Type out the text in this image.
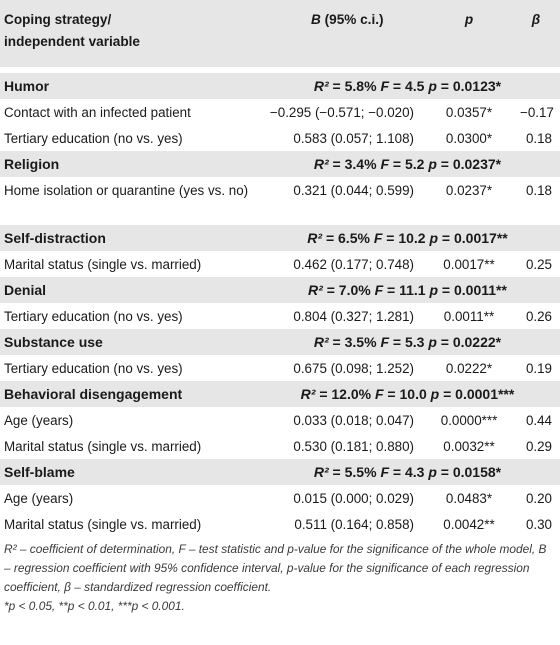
Coping strategy/
independent variable	B (95% c.i.)	p	β

Humor	R² = 5.8% F = 4.5 p = 0.0123*		
Contact with an infected patient	−0.295 (−0.571; −0.020)	0.0357*	−0.17
Tertiary education (no vs. yes)	0.583 (0.057; 1.108)	0.0300*	0.18
Religion	R² = 3.4% F = 5.2 p = 0.0237*		
Home isolation or quarantine (yes vs. no)	0.321 (0.044; 0.599)	0.0237*	0.18
Self-distraction	R² = 6.5% F = 10.2 p = 0.0017**		
Marital status (single vs. married)	0.462 (0.177; 0.748)	0.0017**	0.25
Denial	R² = 7.0% F = 11.1 p = 0.0011**		
Tertiary education (no vs. yes)	0.804 (0.327; 1.281)	0.0011**	0.26
Substance use	R² = 3.5% F = 5.3 p = 0.0222*		
Tertiary education (no vs. yes)	0.675 (0.098; 1.252)	0.0222*	0.19
Behavioral disengagement	R² = 12.0% F = 10.0 p = 0.0001***		
Age (years)	0.033 (0.018; 0.047)	0.0000***	0.44
Marital status (single vs. married)	0.530 (0.181; 0.880)	0.0032**	0.29
Self-blame	R² = 5.5% F = 4.3 p = 0.0158*		
Age (years)	0.015 (0.000; 0.029)	0.0483*	0.20
Marital status (single vs. married)	0.511 (0.164; 0.858)	0.0042**	0.30

R² – coefficient of determination, F – test statistic and p-value for the significance of the whole model, B – regression coefficient with 95% confidence interval, p-value for the significance of each regression coefficient, β – standardized regression coefficient.

*p < 0.05, **p < 0.01, ***p < 0.001.
